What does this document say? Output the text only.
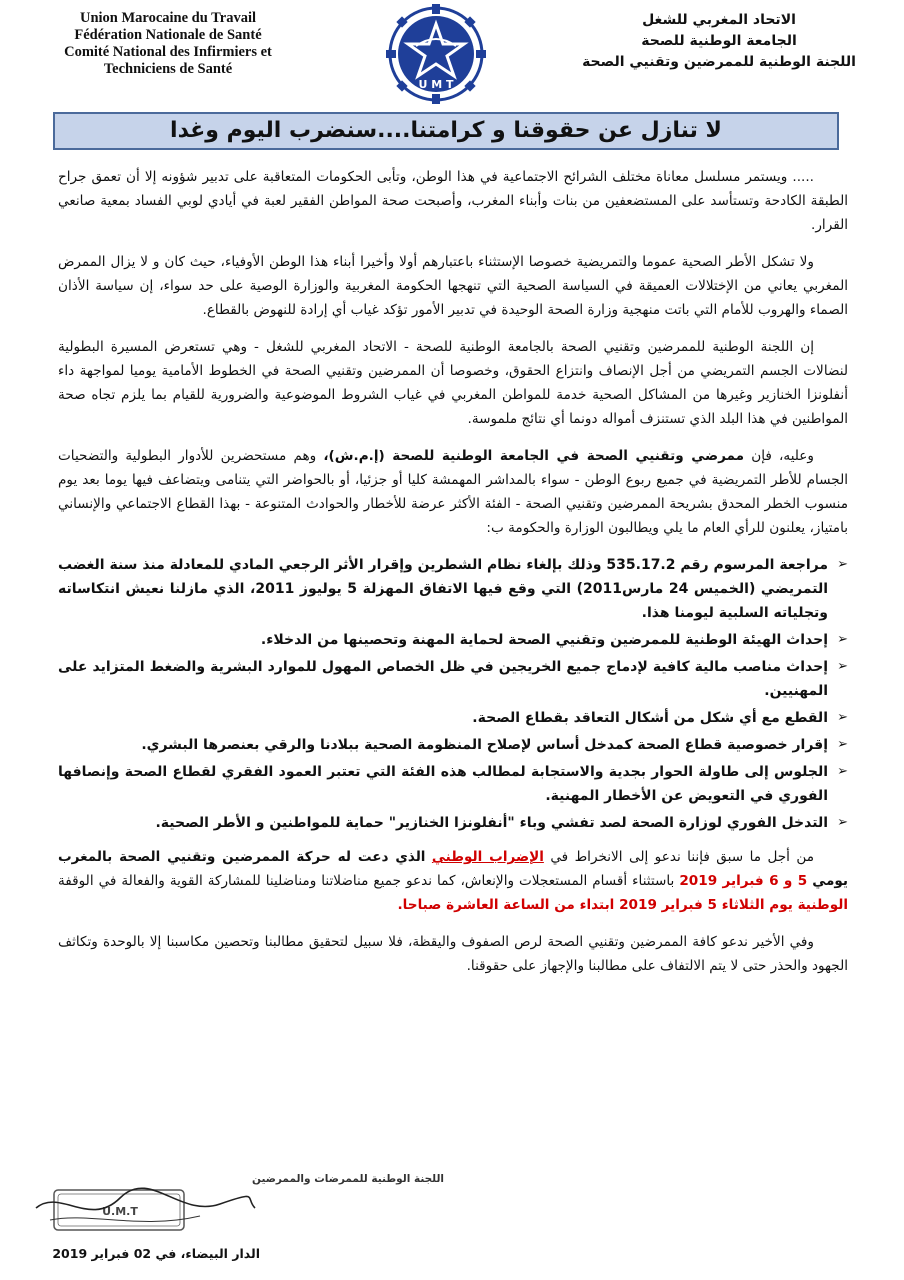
Union Marocaine du Travail
Fédération Nationale de Santé
Comité National des Infirmiers et
Techniciens de Santé
U M T
الاتحاد المغربي للشغل
الجامعة الوطنية للصحة
اللجنة الوطنية للممرضين وتقنيي الصحة
لا تنازل عن حقوقنا و كرامتنا....سنضرب اليوم وغدا

..... ويستمر مسلسل معاناة مختلف الشرائح الاجتماعية في هذا الوطن، وتأبى الحكومات المتعاقبة على تدبير شؤونه إلا أن تعمق جراح الطبقة الكادحة وتستأسد على المستضعفين من بنات وأبناء المغرب، وأصبحت صحة المواطن الفقير لعبة في أيادي لوبي الفساد بمعية صانعي القرار.

ولا تشكل الأطر الصحية عموما والتمريضية خصوصا الإستثناء باعتبارهم أولا وأخيرا أبناء هذا الوطن الأوفياء، حيث كان و لا يزال الممرض المغربي يعاني من الإختلالات العميقة في السياسة الصحية التي تنهجها الحكومة المغربية والوزارة الوصية على حد سواء، إن سياسة الأذان الصماء والهروب للأمام التي باتت منهجية وزارة الصحة الوحيدة في تدبير الأمور تؤكد غياب أي إرادة للنهوض بالقطاع.

إن اللجنة الوطنية للممرضين وتقنيي الصحة بالجامعة الوطنية للصحة - الاتحاد المغربي للشغل - وهي تستعرض المسيرة البطولية لنضالات الجسم التمريضي من أجل الإنصاف وانتزاع الحقوق، وخصوصا أن الممرضين وتقنيي الصحة في الخطوط الأمامية يوميا لمواجهة داء أنفلونزا الخنازير وغيرها من المشاكل الصحية خدمة للمواطن المغربي في غياب الشروط الموضوعية والضرورية للقيام بما يلزم تجاه صحة المواطنين في هذا البلد الذي تستنزف أمواله دونما أي نتائج ملموسة.

وعليه، فإن ممرضي وتقنيي الصحة في الجامعة الوطنية للصحة (إ.م.ش)، وهم مستحضرين للأدوار البطولية والتضحيات الجسام للأطر التمريضية في جميع ربوع الوطن - سواء بالمداشر المهمشة كليا أو جزئيا، أو بالحواضر التي يتنامى ويتضاعف فيها يوما بعد يوم منسوب الخطر المحدق بشريحة الممرضين وتقنيي الصحة - الفئة الأكثر عرضة للأخطار والحوادث المتنوعة - بهذا القطاع الاجتماعي والإنساني بامتياز، يعلنون للرأي العام ما يلي ويطالبون الوزارة والحكومة ب:

➢
مراجعة المرسوم رقم 535.17.2 وذلك بإلغاء نظام الشطرين وإقرار الأثر الرجعي المادي للمعادلة منذ سنة الغضب التمريضي (الخميس 24 مارس2011) التي وقع فيها الاتفاق المهزلة 5 يوليوز 2011، الذي مازلنا نعيش انتكاساته وتجلياته السلبية ليومنا هذا.
➢
إحداث الهيئة الوطنية للممرضين وتقنيي الصحة لحماية المهنة وتحصينها من الدخلاء.
➢
إحداث مناصب مالية كافية لإدماج جميع الخريجين في ظل الخصاص المهول للموارد البشرية والضغط المتزايد على المهنيين.
➢
القطع مع أي شكل من أشكال التعاقد بقطاع الصحة.
➢
إقرار خصوصية قطاع الصحة كمدخل أساس لإصلاح المنظومة الصحية ببلادنا والرقي بعنصرها البشري.
➢
الجلوس إلى طاولة الحوار بجدية والاستجابة لمطالب هذه الفئة التي تعتبر العمود الفقري لقطاع الصحة وإنصافها الفوري في التعويض عن الأخطار المهنية.
➢
التدخل الفوري لوزارة الصحة لصد تفشي وباء "أنفلونزا الخنازير" حماية للمواطنين و الأطر الصحية.

من أجل ما سبق فإننا ندعو إلى الانخراط في الإضراب الوطني الذي دعت له حركة الممرضين وتقنيي الصحة بالمغرب يومي 5 و 6 فبراير 2019 باستثناء أقسام المستعجلات والإنعاش، كما ندعو جميع مناضلاتنا ومناضلينا للمشاركة القوية والفعالة في الوقفة الوطنية يوم الثلاثاء 5 فبراير 2019 ابتداء من الساعة العاشرة صباحا.

وفي الأخير ندعو كافة الممرضين وتقنيي الصحة لرص الصفوف واليقظة، فلا سبيل لتحقيق مطالبنا وتحصين مكاسبنا إلا بالوحدة وتكاثف الجهود والحذر حتى لا يتم الالتفاف على مطالبنا والإجهاز على حقوقنا.

اللجنة الوطنية للممرضات والممرضين
U.M.T
الدار البيضاء، في 02 فبراير 2019
